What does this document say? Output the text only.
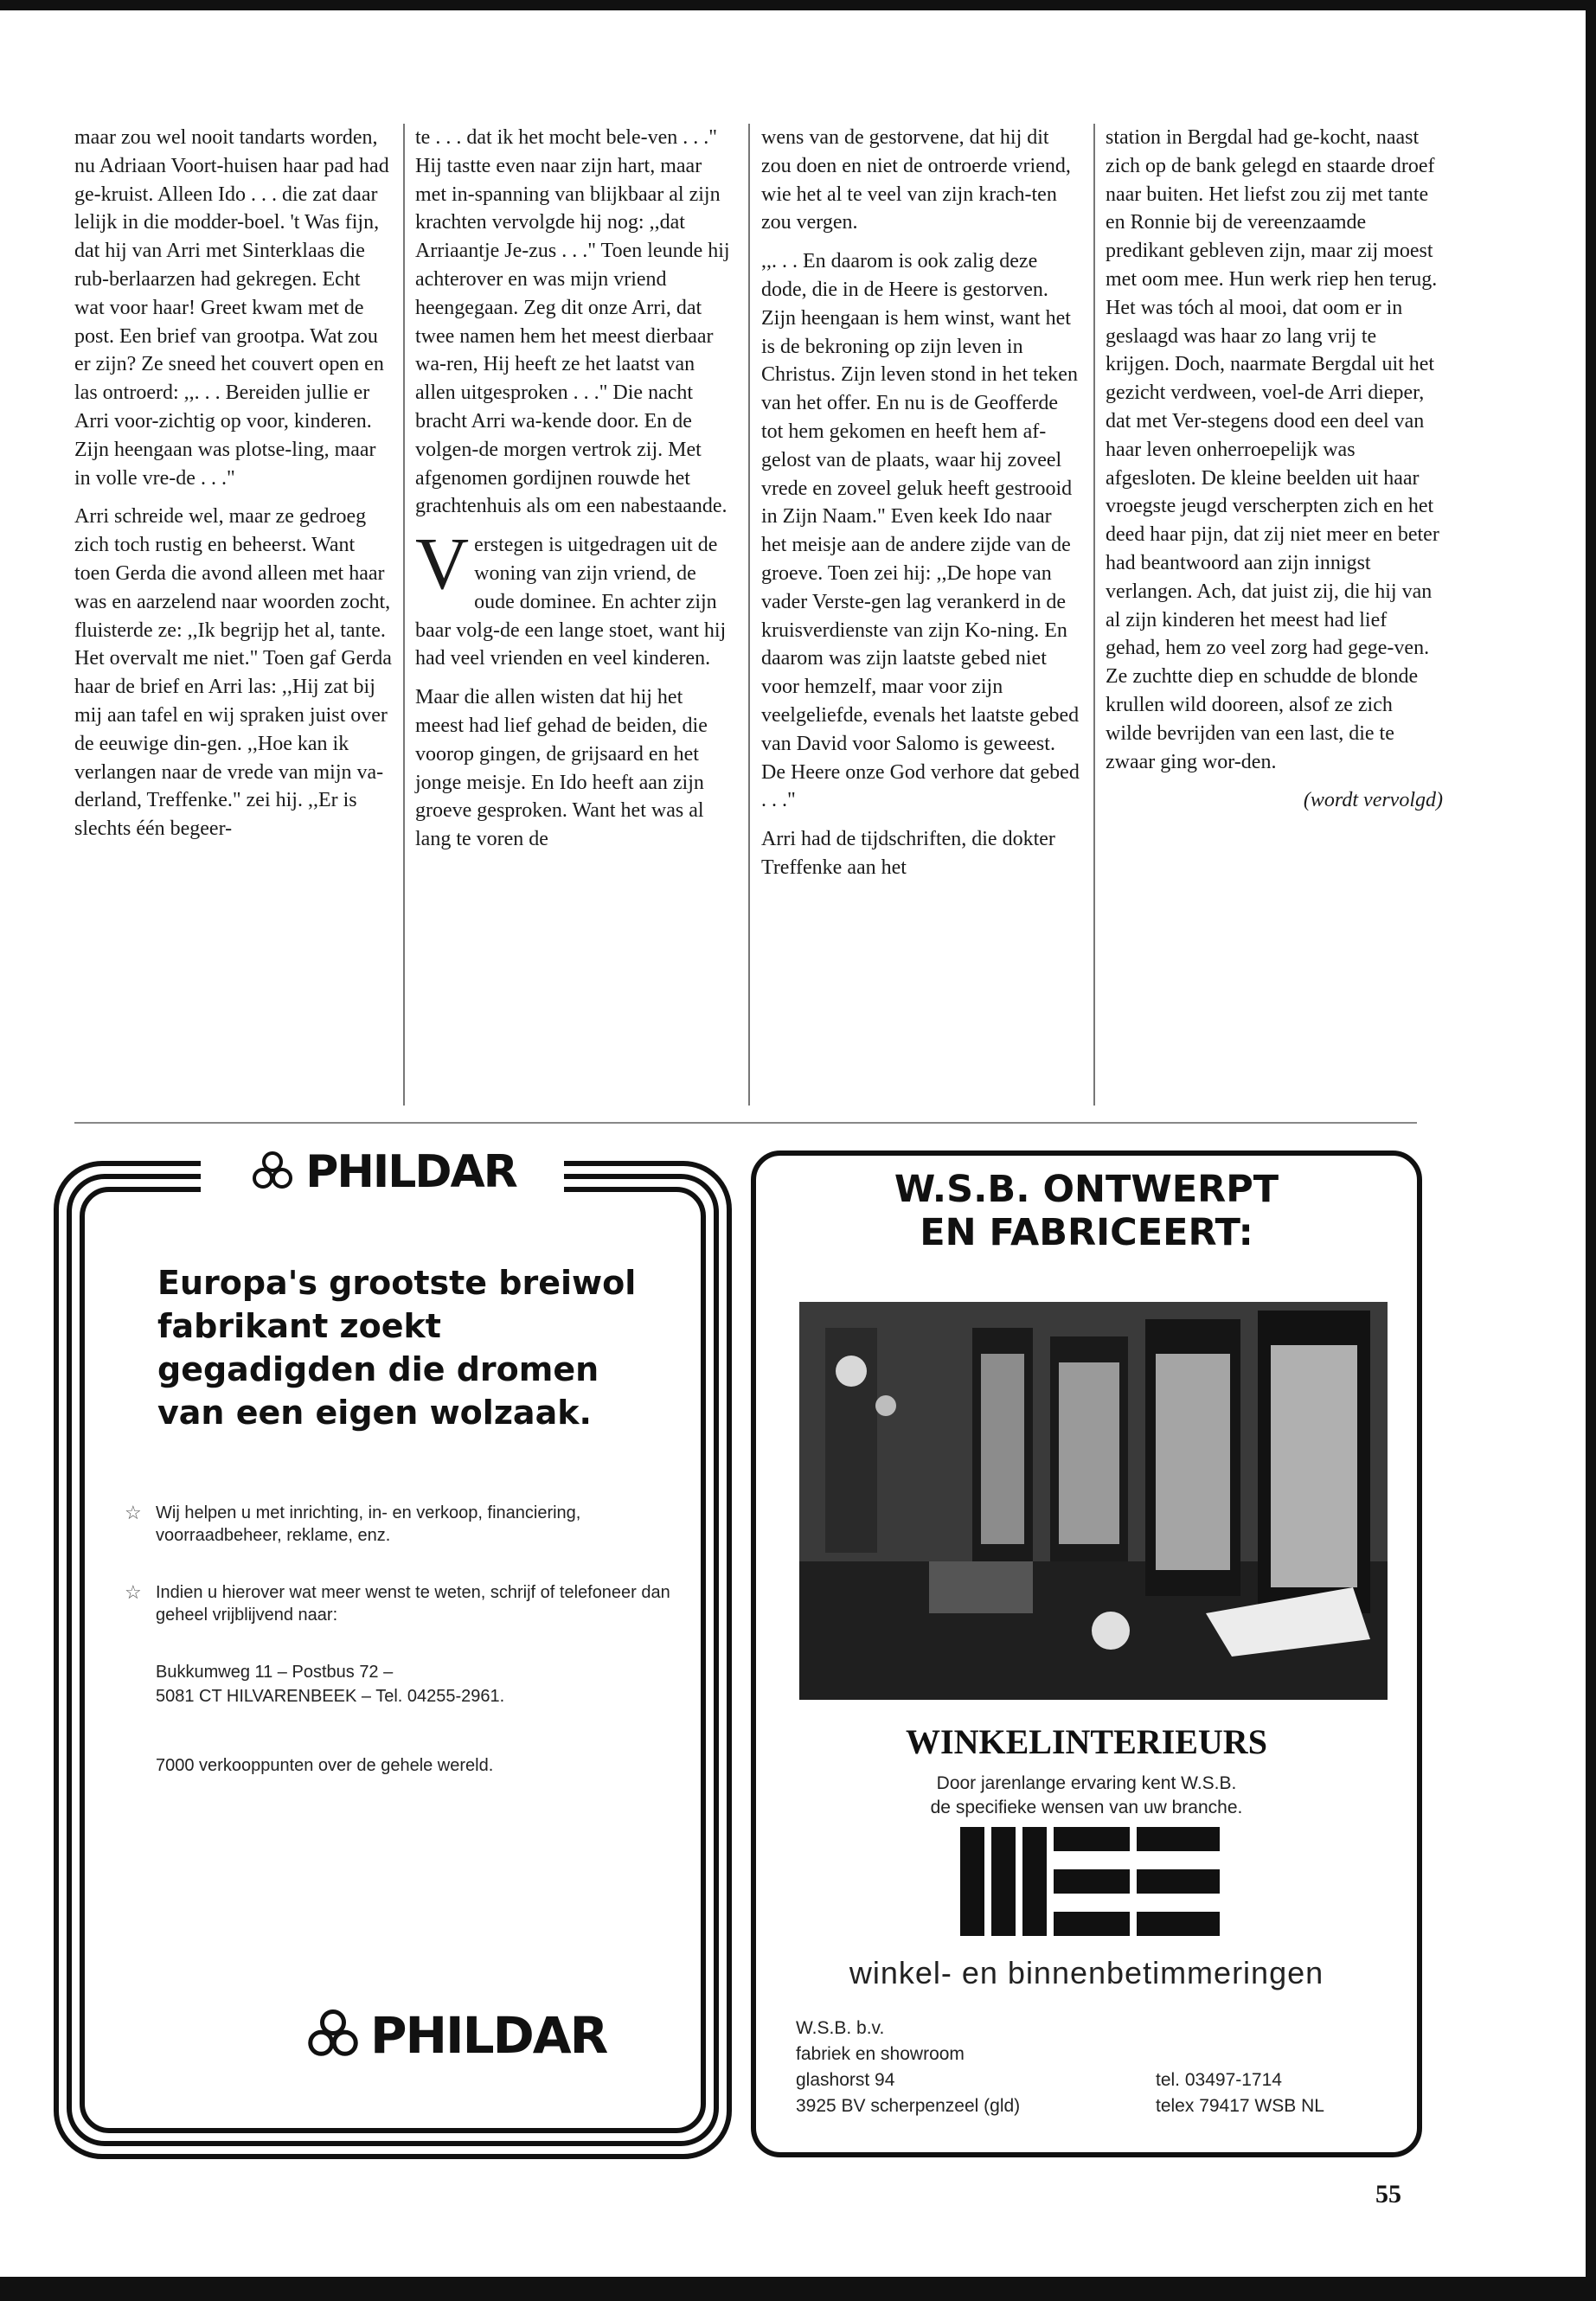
maar zou wel nooit tandarts worden, nu Adriaan Voort-huisen haar pad had ge-kruist. Alleen Ido . . . die zat daar lelijk in die modder-boel. 't Was fijn, dat hij van Arri met Sinterklaas die rub-berlaarzen had gekregen. Echt wat voor haar! Greet kwam met de post. Een brief van grootpa. Wat zou er zijn? Ze sneed het couvert open en las ontroerd: ,,. . . Bereiden jullie er Arri voor-zichtig op voor, kinderen. Zijn heengaan was plotse-ling, maar in volle vre-de . . ."

Arri schreide wel, maar ze gedroeg zich toch rustig en beheerst. Want toen Gerda die avond alleen met haar was en aarzelend naar woorden zocht, fluisterde ze: ,,Ik begrijp het al, tante. Het overvalt me niet." Toen gaf Gerda haar de brief en Arri las: ,,Hij zat bij mij aan tafel en wij spraken juist over de eeuwige din-gen. ,,Hoe kan ik verlangen naar de vrede van mijn va-derland, Treffenke." zei hij. ,,Er is slechts één begeer-

te . . . dat ik het mocht bele-ven . . ." Hij tastte even naar zijn hart, maar met in-spanning van blijkbaar al zijn krachten vervolgde hij nog: ,,dat Arriaantje Je-zus . . ." Toen leunde hij achterover en was mijn vriend heengegaan. Zeg dit onze Arri, dat twee namen hem het meest dierbaar wa-ren, Hij heeft ze het laatst van allen uitgesproken . . ." Die nacht bracht Arri wa-kende door. En de volgen-de morgen vertrok zij. Met afgenomen gordijnen rouwde het grachtenhuis als om een nabestaande.

Verstegen is uitgedragen uit de woning van zijn vriend, de oude dominee. En achter zijn baar volg-de een lange stoet, want hij had veel vrienden en veel kinderen.

Maar die allen wisten dat hij het meest had lief gehad de beiden, die voorop gingen, de grijsaard en het jonge meisje. En Ido heeft aan zijn groeve gesproken. Want het was al lang te voren de

wens van de gestorvene, dat hij dit zou doen en niet de ontroerde vriend, wie het al te veel van zijn krach-ten zou vergen.

,,. . . En daarom is ook zalig deze dode, die in de Heere is gestorven. Zijn heengaan is hem winst, want het is de bekroning op zijn leven in Christus. Zijn leven stond in het teken van het offer. En nu is de Geofferde tot hem gekomen en heeft hem af-gelost van de plaats, waar hij zoveel vrede en zoveel geluk heeft gestrooid in Zijn Naam." Even keek Ido naar het meisje aan de andere zijde van de groeve. Toen zei hij: ,,De hope van vader Verste-gen lag verankerd in de kruisverdienste van zijn Ko-ning. En daarom was zijn laatste gebed niet voor hemzelf, maar voor zijn veelgeliefde, evenals het laatste gebed van David voor Salomo is geweest. De Heere onze God verhore dat gebed . . ."

Arri had de tijdschriften, die dokter Treffenke aan het

station in Bergdal had ge-kocht, naast zich op de bank gelegd en staarde droef naar buiten. Het liefst zou zij met tante en Ronnie bij de vereenzaamde predikant gebleven zijn, maar zij moest met oom mee. Hun werk riep hen terug. Het was tóch al mooi, dat oom er in geslaagd was haar zo lang vrij te krijgen. Doch, naarmate Bergdal uit het gezicht verdween, voel-de Arri dieper, dat met Ver-stegens dood een deel van haar leven onherroepelijk was afgesloten. De kleine beelden uit haar vroegste jeugd verscherpten zich en het deed haar pijn, dat zij niet meer en beter had beantwoord aan zijn innigst verlangen. Ach, dat juist zij, die hij van al zijn kinderen het meest had lief gehad, hem zo veel zorg had gege-ven. Ze zuchtte diep en schudde de blonde krullen wild dooreen, alsof ze zich wilde bevrijden van een last, die te zwaar ging wor-den.

(wordt vervolgd)

PHILDAR

Europa's grootste breiwol fabrikant zoekt gegadigden die dromen van een eigen wolzaak.

☆ Wij helpen u met inrichting, in- en verkoop, financiering, voorraadbeheer, reklame, enz.

☆ Indien u hierover wat meer wenst te weten, schrijf of telefoneer dan geheel vrijblijvend naar:

Bukkumweg 11 – Postbus 72 –

5081 CT HILVARENBEEK – Tel. 04255-2961.

7000 verkooppunten over de gehele wereld.

PHILDAR

W.S.B. ONTWERPT

EN FABRICEERT:

WINKELINTERIEURS

Door jarenlange ervaring kent W.S.B.

de specifieke wensen van uw branche.

winkel- en binnenbetimmeringen

W.S.B. b.v.

fabriek en showroom

glashorst 94

3925 BV scherpenzeel (gld)

tel. 03497-1714

telex 79417 WSB NL

55
